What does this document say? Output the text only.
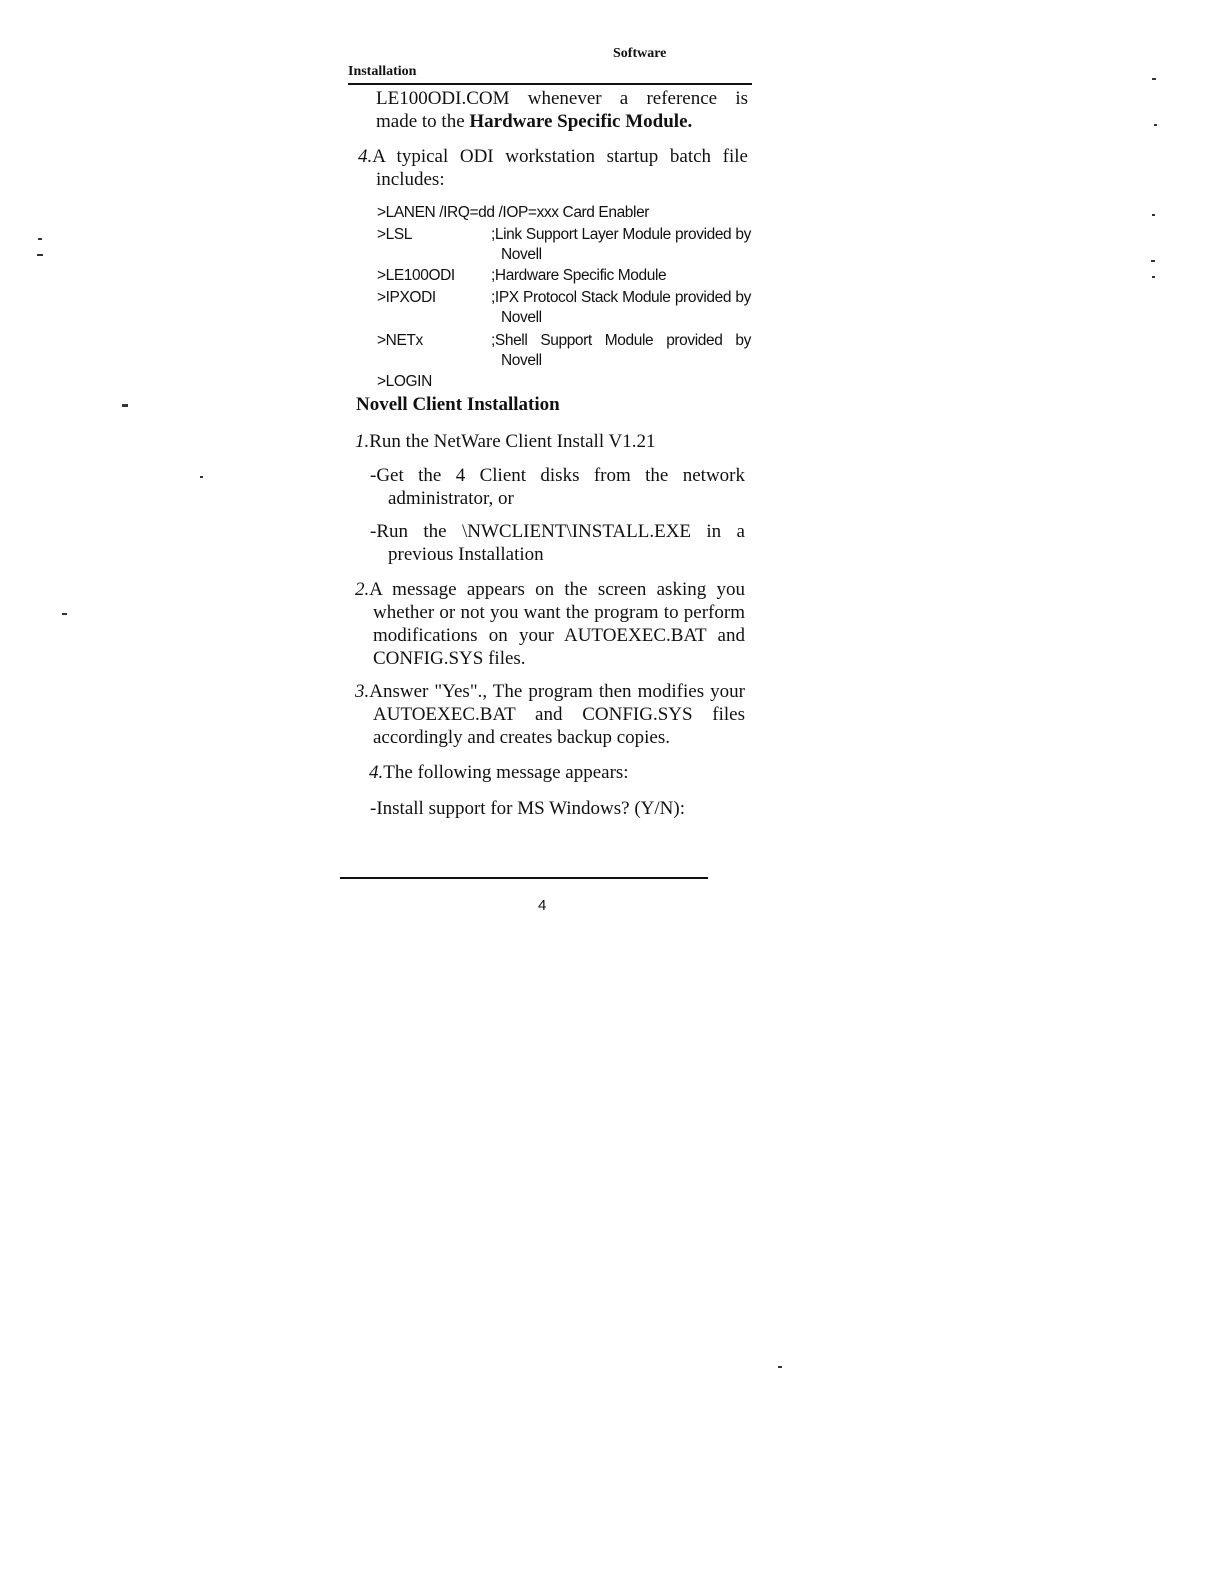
Software
Installation
LE100ODI.COM whenever a reference is
made to the Hardware Specific Module.
4.A typical ODI workstation startup batch file includes:
>LANEN /IRQ=dd /IOP=xxx Card Enabler
>LSL	;Link Support Layer Module provided by
Novell
>LE100ODI ;Hardware Specific Module
>IPXODI	;IPX Protocol Stack Module provided by
Novell
>NETx	;Shell Support Module provided by
Novell
>LOGIN
Novell Client Installation
1.Run the NetWare Client Install V1.21
-Get the 4 Client disks from the network administrator, or
-Run the \NWCLIENT\INSTALL.EXE in a previous Installation
2.A message appears on the screen asking you whether or not you want the program to perform modifications on your AUTOEXEC.BAT and CONFIG.SYS files.
3.Answer "Yes"., The program then modifies your AUTOEXEC.BAT and CONFIG.SYS files accordingly and creates backup copies.
4.The following message appears:
-Install support for MS Windows? (Y/N):
4
